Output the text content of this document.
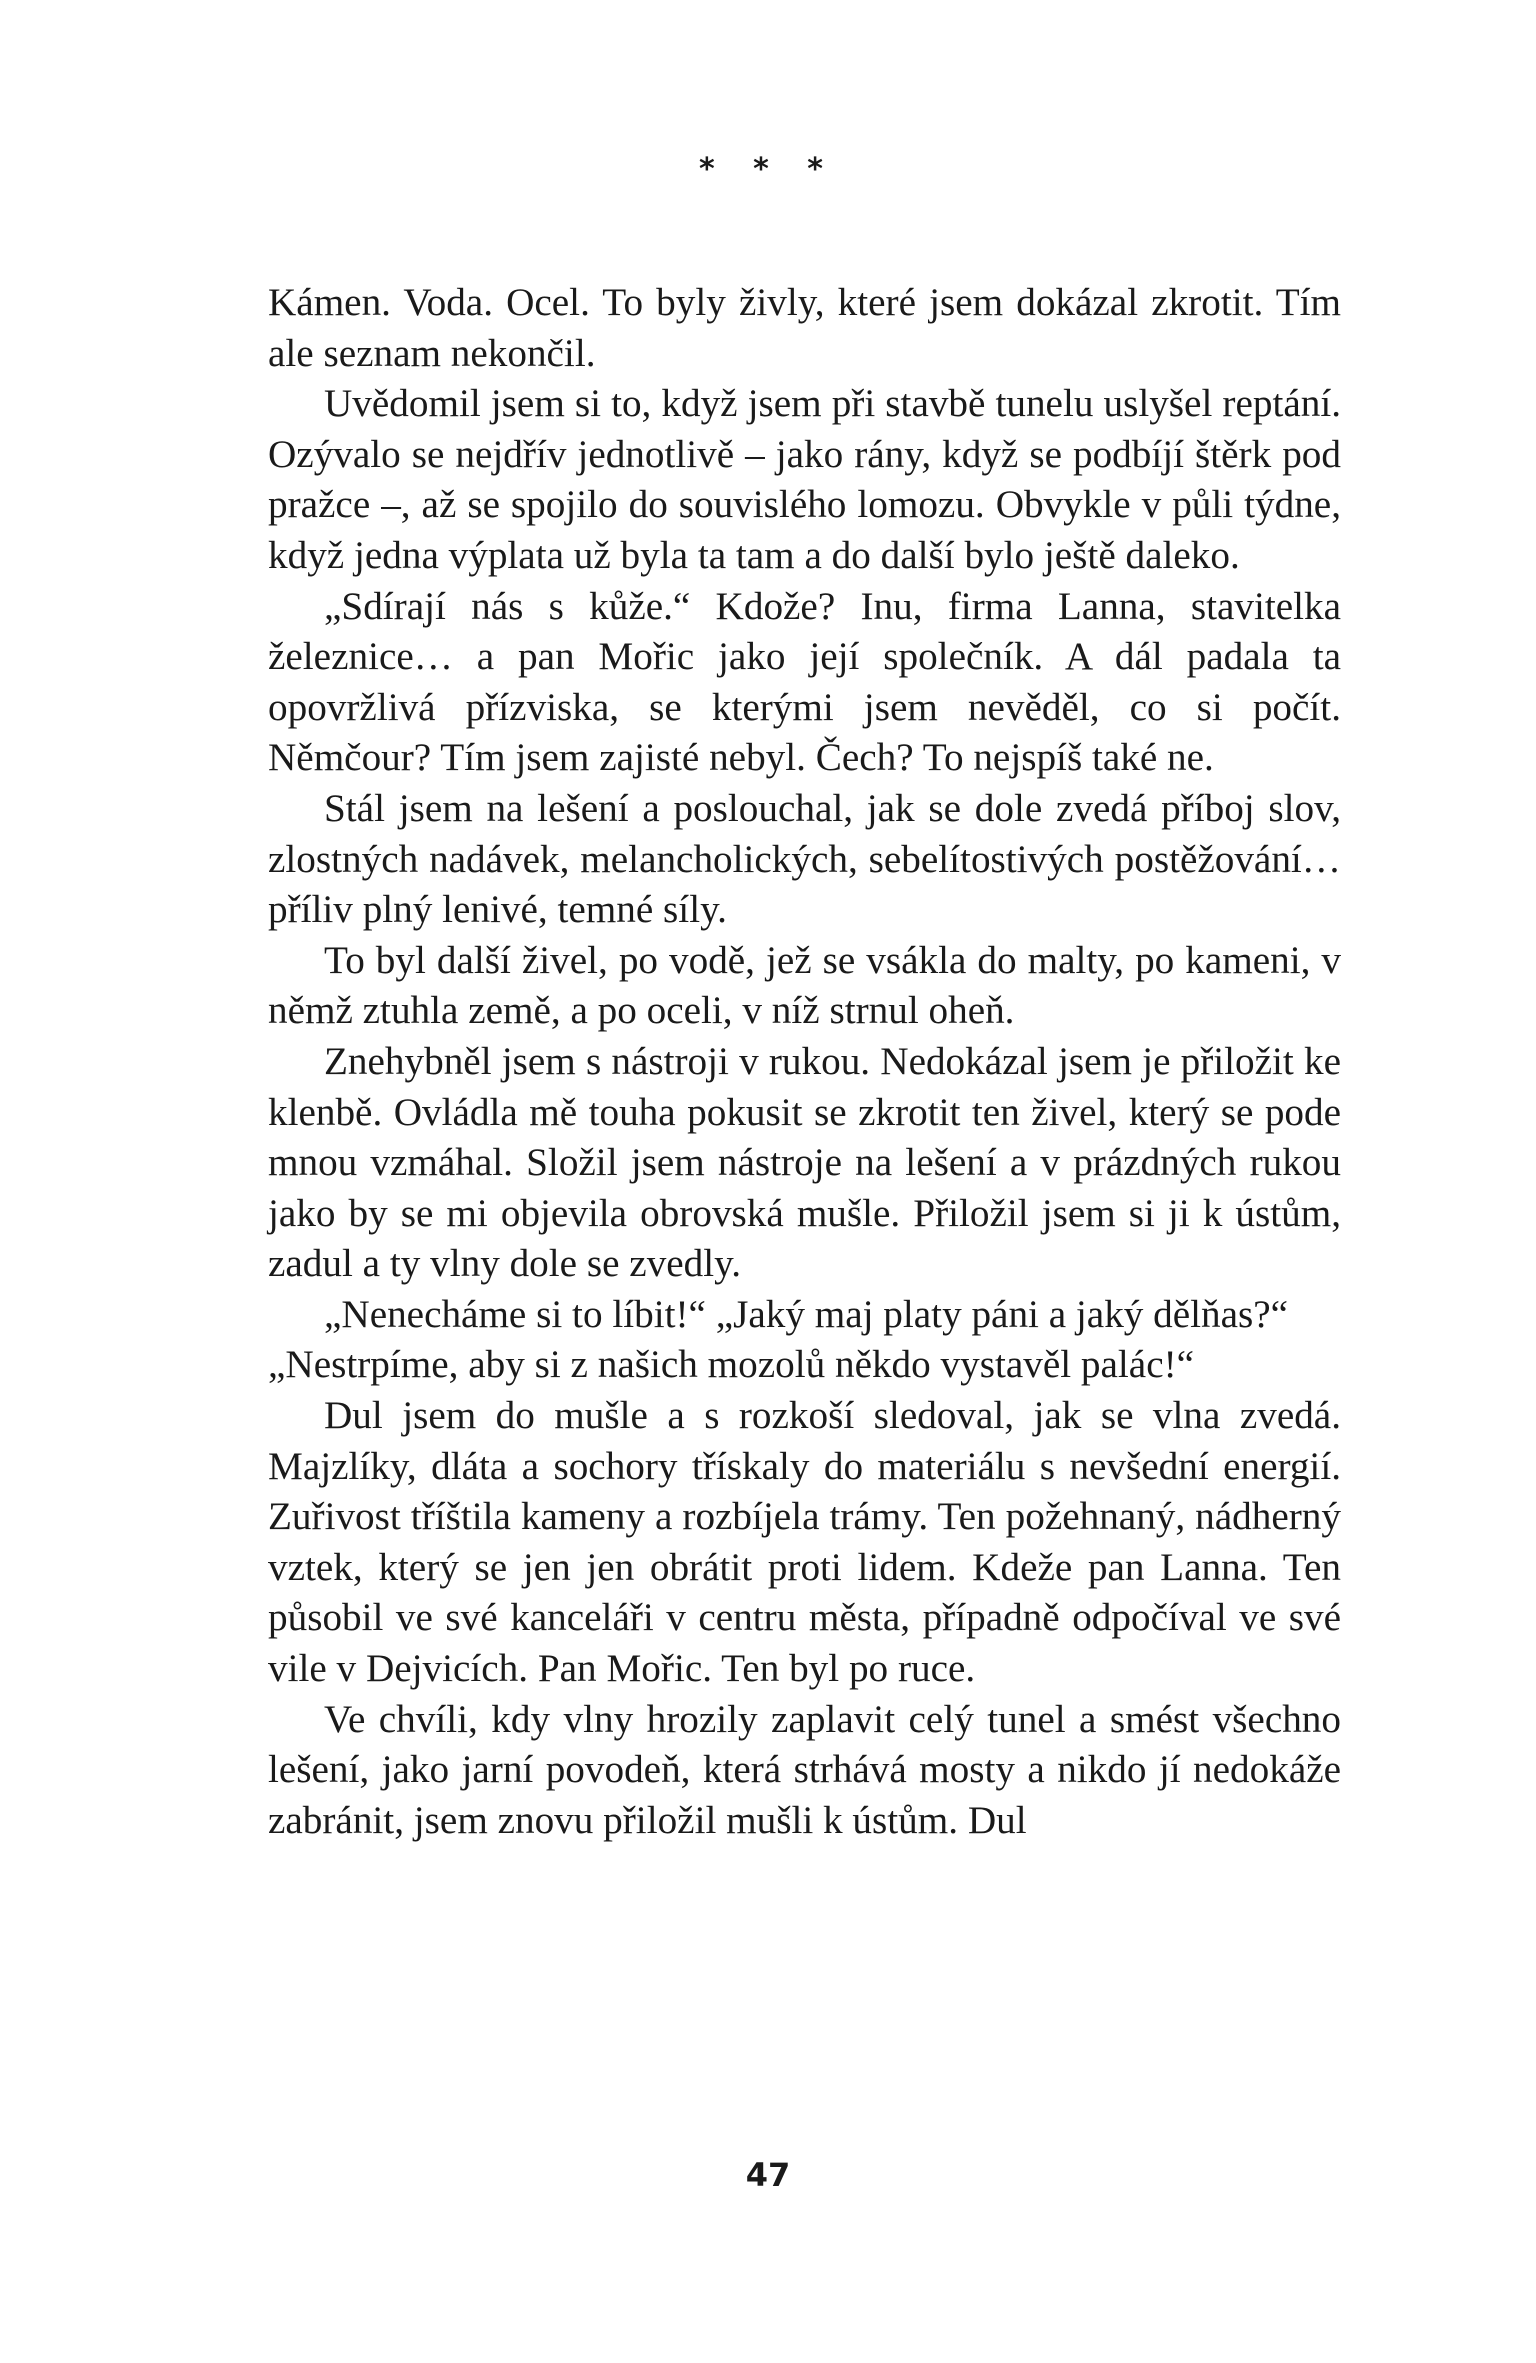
* * *

Kámen. Voda. Ocel. To byly živly, které jsem dokázal zkrotit. Tím ale seznam nekončil.

Uvědomil jsem si to, když jsem při stavbě tunelu uslyšel reptání. Ozývalo se nejdřív jednotlivě – jako rány, když se podbíjí štěrk pod pražce –, až se spojilo do souvislého lomozu. Obvykle v půli týdne, když jedna výplata už byla ta tam a do další bylo ještě daleko.

„Sdírají nás s kůže.“ Kdože? Inu, firma Lanna, stavitelka železnice… a pan Mořic jako její společník. A dál padala ta opovržlivá přízviska, se kterými jsem nevěděl, co si počít. Němčour? Tím jsem zajisté nebyl. Čech? To nejspíš také ne.

Stál jsem na lešení a poslouchal, jak se dole zvedá příboj slov, zlostných nadávek, melancholických, sebelítostivých postěžování… příliv plný lenivé, temné síly.

To byl další živel, po vodě, jež se vsákla do malty, po kameni, v němž ztuhla země, a po oceli, v níž strnul oheň.

Znehybněl jsem s nástroji v rukou. Nedokázal jsem je přiložit ke klenbě. Ovládla mě touha pokusit se zkrotit ten živel, který se pode mnou vzmáhal. Složil jsem nástroje na lešení a v prázdných rukou jako by se mi objevila obrovská mušle. Přiložil jsem si ji k ústům, zadul a ty vlny dole se zvedly.

„Nenecháme si to líbit!“ „Jaký maj platy páni a jaký dělňas?“

„Nestrpíme, aby si z našich mozolů někdo vystavěl palác!“

Dul jsem do mušle a s rozkoší sledoval, jak se vlna zvedá. Majzlíky, dláta a sochory třískaly do materiálu s nevšední energií. Zuřivost tříštila kameny a rozbíjela trámy. Ten požehnaný, nádherný vztek, který se jen jen obrátit proti lidem. Kdeže pan Lanna. Ten působil ve své kanceláři v centru města, případně odpočíval ve své vile v Dejvicích. Pan Mořic. Ten byl po ruce.

Ve chvíli, kdy vlny hrozily zaplavit celý tunel a smést všechno lešení, jako jarní povodeň, která strhává mosty a nikdo jí nedokáže zabránit, jsem znovu přiložil mušli k ústům. Dul

47
